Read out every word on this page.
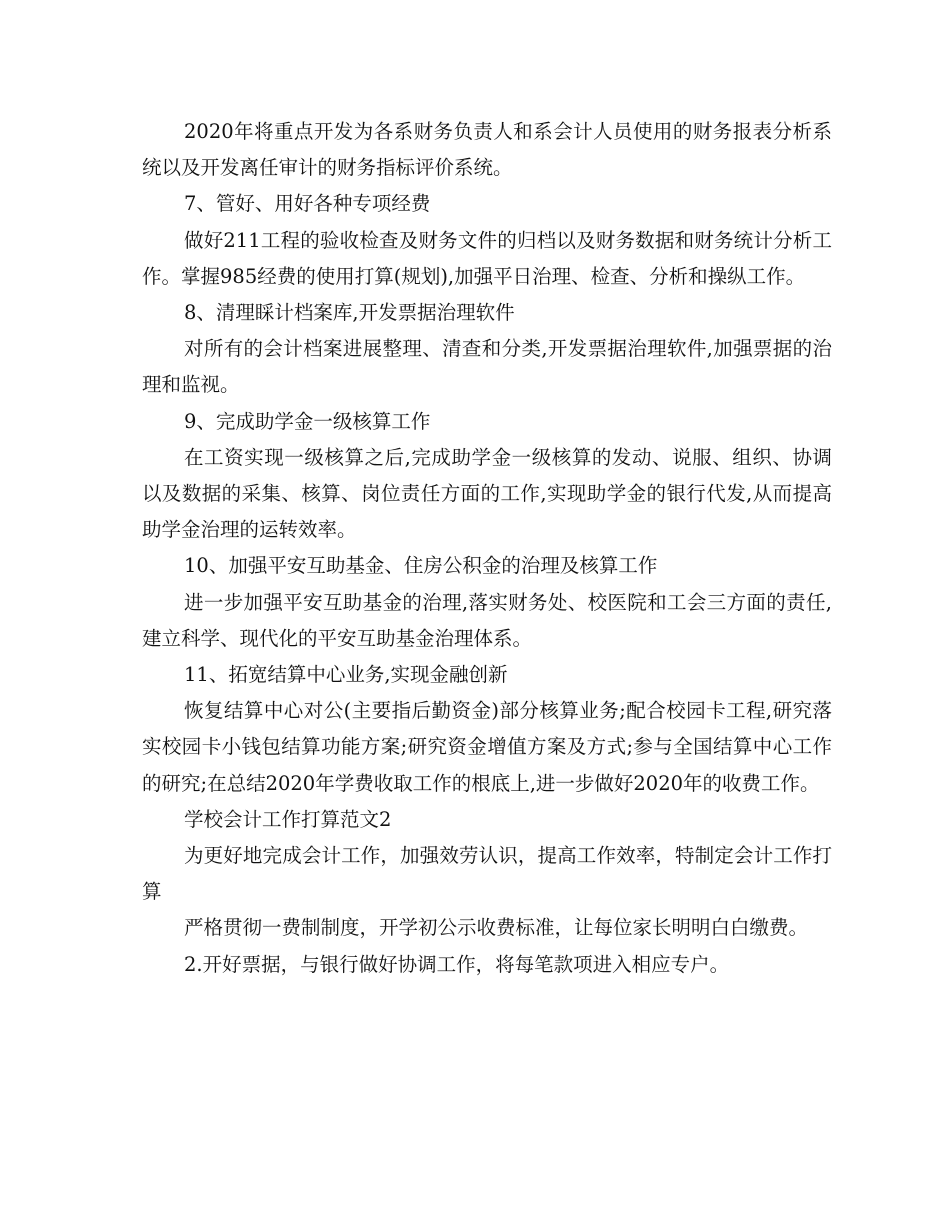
2020年将重点开发为各系财务负责人和系会计人员使用的财务报表分析系统以及开发离任审计的财务指标评价系统。

7、管好、用好各种专项经费

做好211工程的验收检查及财务文件的归档以及财务数据和财务统计分析工作。掌握985经费的使用打算(规划),加强平日治理、检查、分析和操纵工作。

8、清理睬计档案库,开发票据治理软件

对所有的会计档案进展整理、清查和分类,开发票据治理软件,加强票据的治理和监视。

9、完成助学金一级核算工作

在工资实现一级核算之后,完成助学金一级核算的发动、说服、组织、协调以及数据的采集、核算、岗位责任方面的工作,实现助学金的银行代发,从而提高助学金治理的运转效率。

10、加强平安互助基金、住房公积金的治理及核算工作

进一步加强平安互助基金的治理,落实财务处、校医院和工会三方面的责任,建立科学、现代化的平安互助基金治理体系。

11、拓宽结算中心业务,实现金融创新

恢复结算中心对公(主要指后勤资金)部分核算业务;配合校园卡工程,研究落实校园卡小钱包结算功能方案;研究资金增值方案及方式;参与全国结算中心工作的研究;在总结2020年学费收取工作的根底上,进一步做好2020年的收费工作。

学校会计工作打算范文2

为更好地完成会计工作，加强效劳认识，提高工作效率，特制定会计工作打算

严格贯彻一费制制度，开学初公示收费标准，让每位家长明明白白缴费。

2.开好票据，与银行做好协调工作，将每笔款项进入相应专户。
